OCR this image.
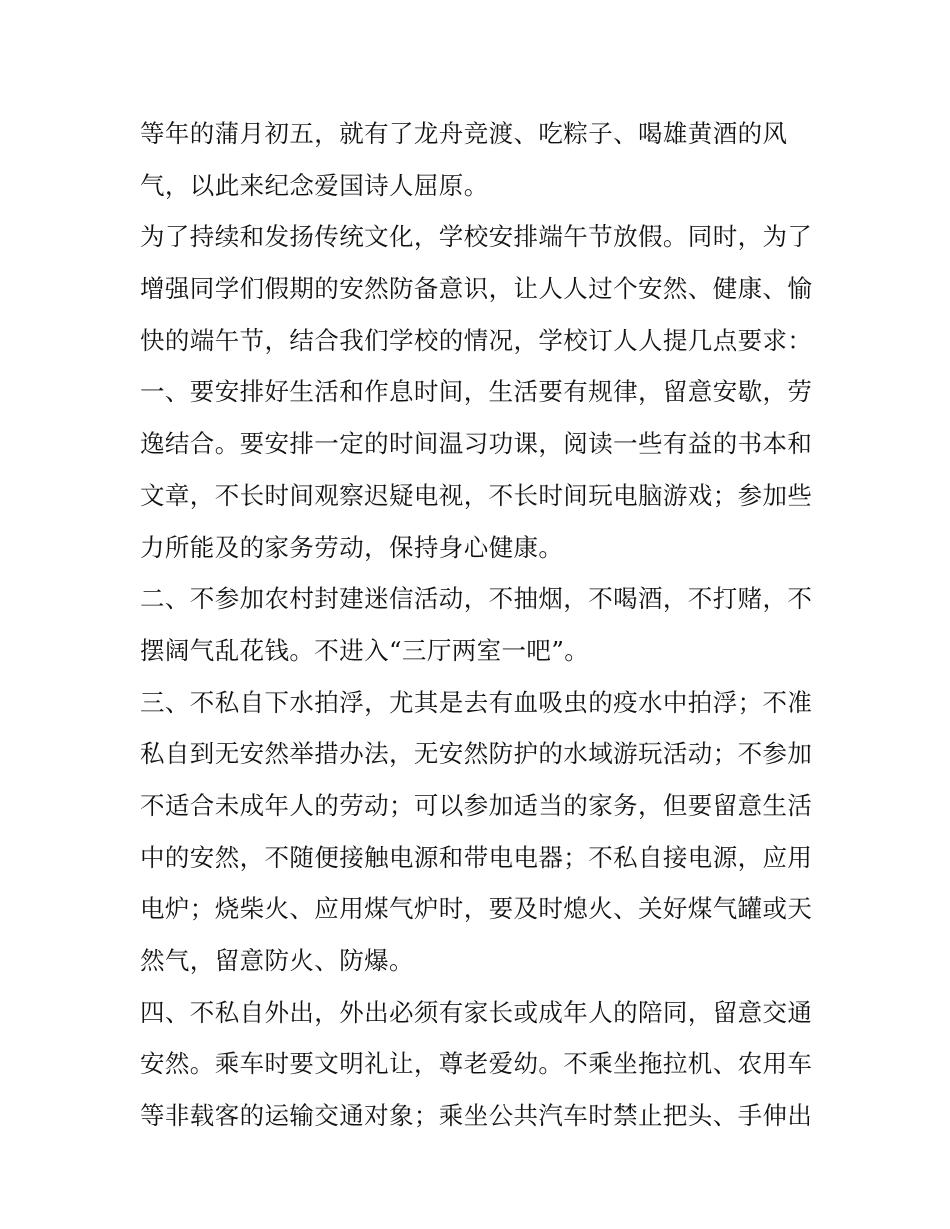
等年的蒲月初五，就有了龙舟竞渡、吃粽子、喝雄黄酒的风
气，以此来纪念爱国诗人屈原。
为了持续和发扬传统文化，学校安排端午节放假。同时，为了
增强同学们假期的安然防备意识，让人人过个安然、健康、愉
快的端午节，结合我们学校的情况，学校订人人提几点要求：
一、要安排好生活和作息时间，生活要有规律，留意安歇，劳
逸结合。要安排一定的时间温习功课，阅读一些有益的书本和
文章，不长时间观察迟疑电视，不长时间玩电脑游戏；参加些
力所能及的家务劳动，保持身心健康。
二、不参加农村封建迷信活动，不抽烟，不喝酒，不打赌，不
摆阔气乱花钱。不进入“三厅两室一吧”。
三、不私自下水拍浮，尤其是去有血吸虫的疫水中拍浮；不准
私自到无安然举措办法，无安然防护的水域游玩活动；不参加
不适合未成年人的劳动；可以参加适当的家务，但要留意生活
中的安然，不随便接触电源和带电电器；不私自接电源，应用
电炉；烧柴火、应用煤气炉时，要及时熄火、关好煤气罐或天
然气，留意防火、防爆。
四、不私自外出，外出必须有家长或成年人的陪同，留意交通
安然。乘车时要文明礼让，尊老爱幼。不乘坐拖拉机、农用车
等非载客的运输交通对象；乘坐公共汽车时禁止把头、手伸出
